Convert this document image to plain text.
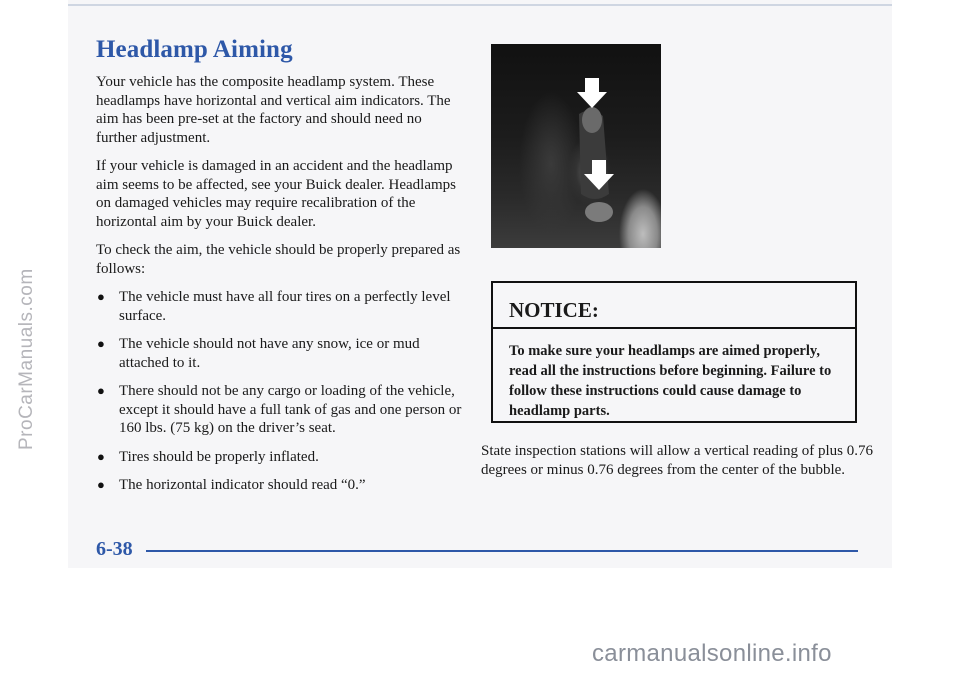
Headlamp Aiming

Your vehicle has the composite headlamp system. These headlamps have horizontal and vertical aim indicators. The aim has been pre-set at the factory and should need no further adjustment.

If your vehicle is damaged in an accident and the headlamp aim seems to be affected, see your Buick dealer. Headlamps on damaged vehicles may require recalibration of the horizontal aim by your Buick dealer.

To check the aim, the vehicle should be properly prepared as follows:

● The vehicle must have all four tires on a perfectly level surface.
● The vehicle should not have any snow, ice or mud attached to it.
● There should not be any cargo or loading of the vehicle, except it should have a full tank of gas and one person or 160 lbs. (75 kg) on the driver’s seat.
● Tires should be properly inflated.
● The horizontal indicator should read “0.”
NOTICE:
To make sure your headlamps are aimed properly, read all the instructions before beginning. Failure to follow these instructions could cause damage to headlamp parts.

State inspection stations will allow a vertical reading of plus 0.76 degrees or minus 0.76 degrees from the center of the bubble.

6-38

ProCarManuals.com
carmanualsonline.info
